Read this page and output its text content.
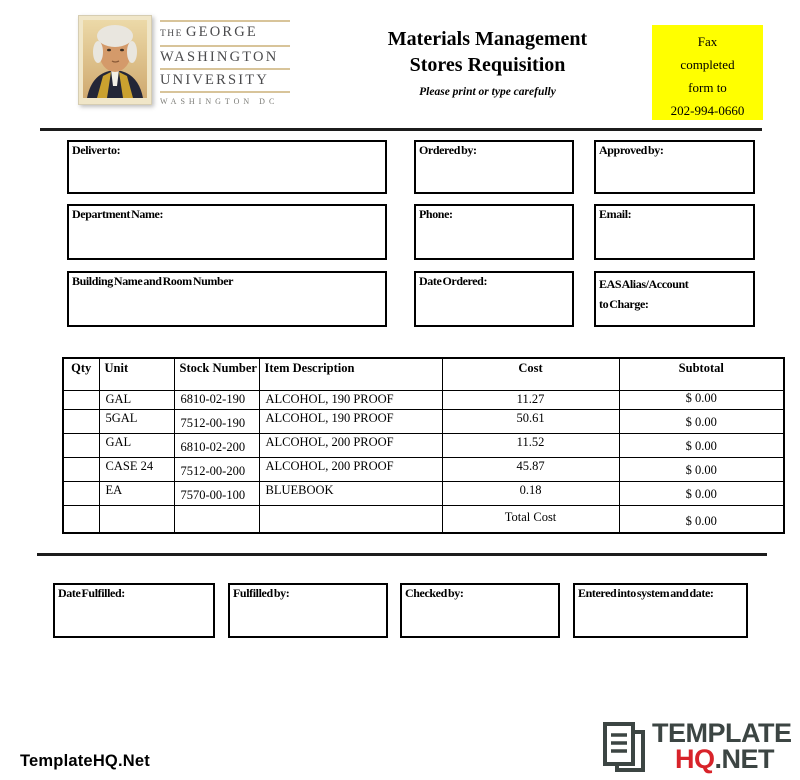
THE GEORGE
WASHINGTON
UNIVERSITY
WASHINGTON DC
Materials Management
Stores Requisition
Please print or type carefully
Fax
completed
form to
202-994-0660
Deliver to:	Ordered by:	Approved by:
Department Name:	Phone:	Email:
Building Name and Room Number	Date Ordered:	EAS Alias/Account
to Charge:
Qty	Unit	Stock Number	Item Description	Cost	Subtotal
	GAL	6810-02-190	ALCOHOL, 190 PROOF	11.27	$ 0.00
	5GAL	7512-00-190	ALCOHOL, 190 PROOF	50.61	$ 0.00
	GAL	6810-02-200	ALCOHOL, 200 PROOF	11.52	$ 0.00
	CASE 24	7512-00-200	ALCOHOL, 200 PROOF	45.87	$ 0.00
	EA	7570-00-100	BLUEBOOK	0.18	$ 0.00
				Total Cost	$ 0.00
Date Fulfilled:	Fulfilled by:	Checked by:	Entered into system and date:
TemplateHQ.Net
TEMPLATE
HQ.NET
